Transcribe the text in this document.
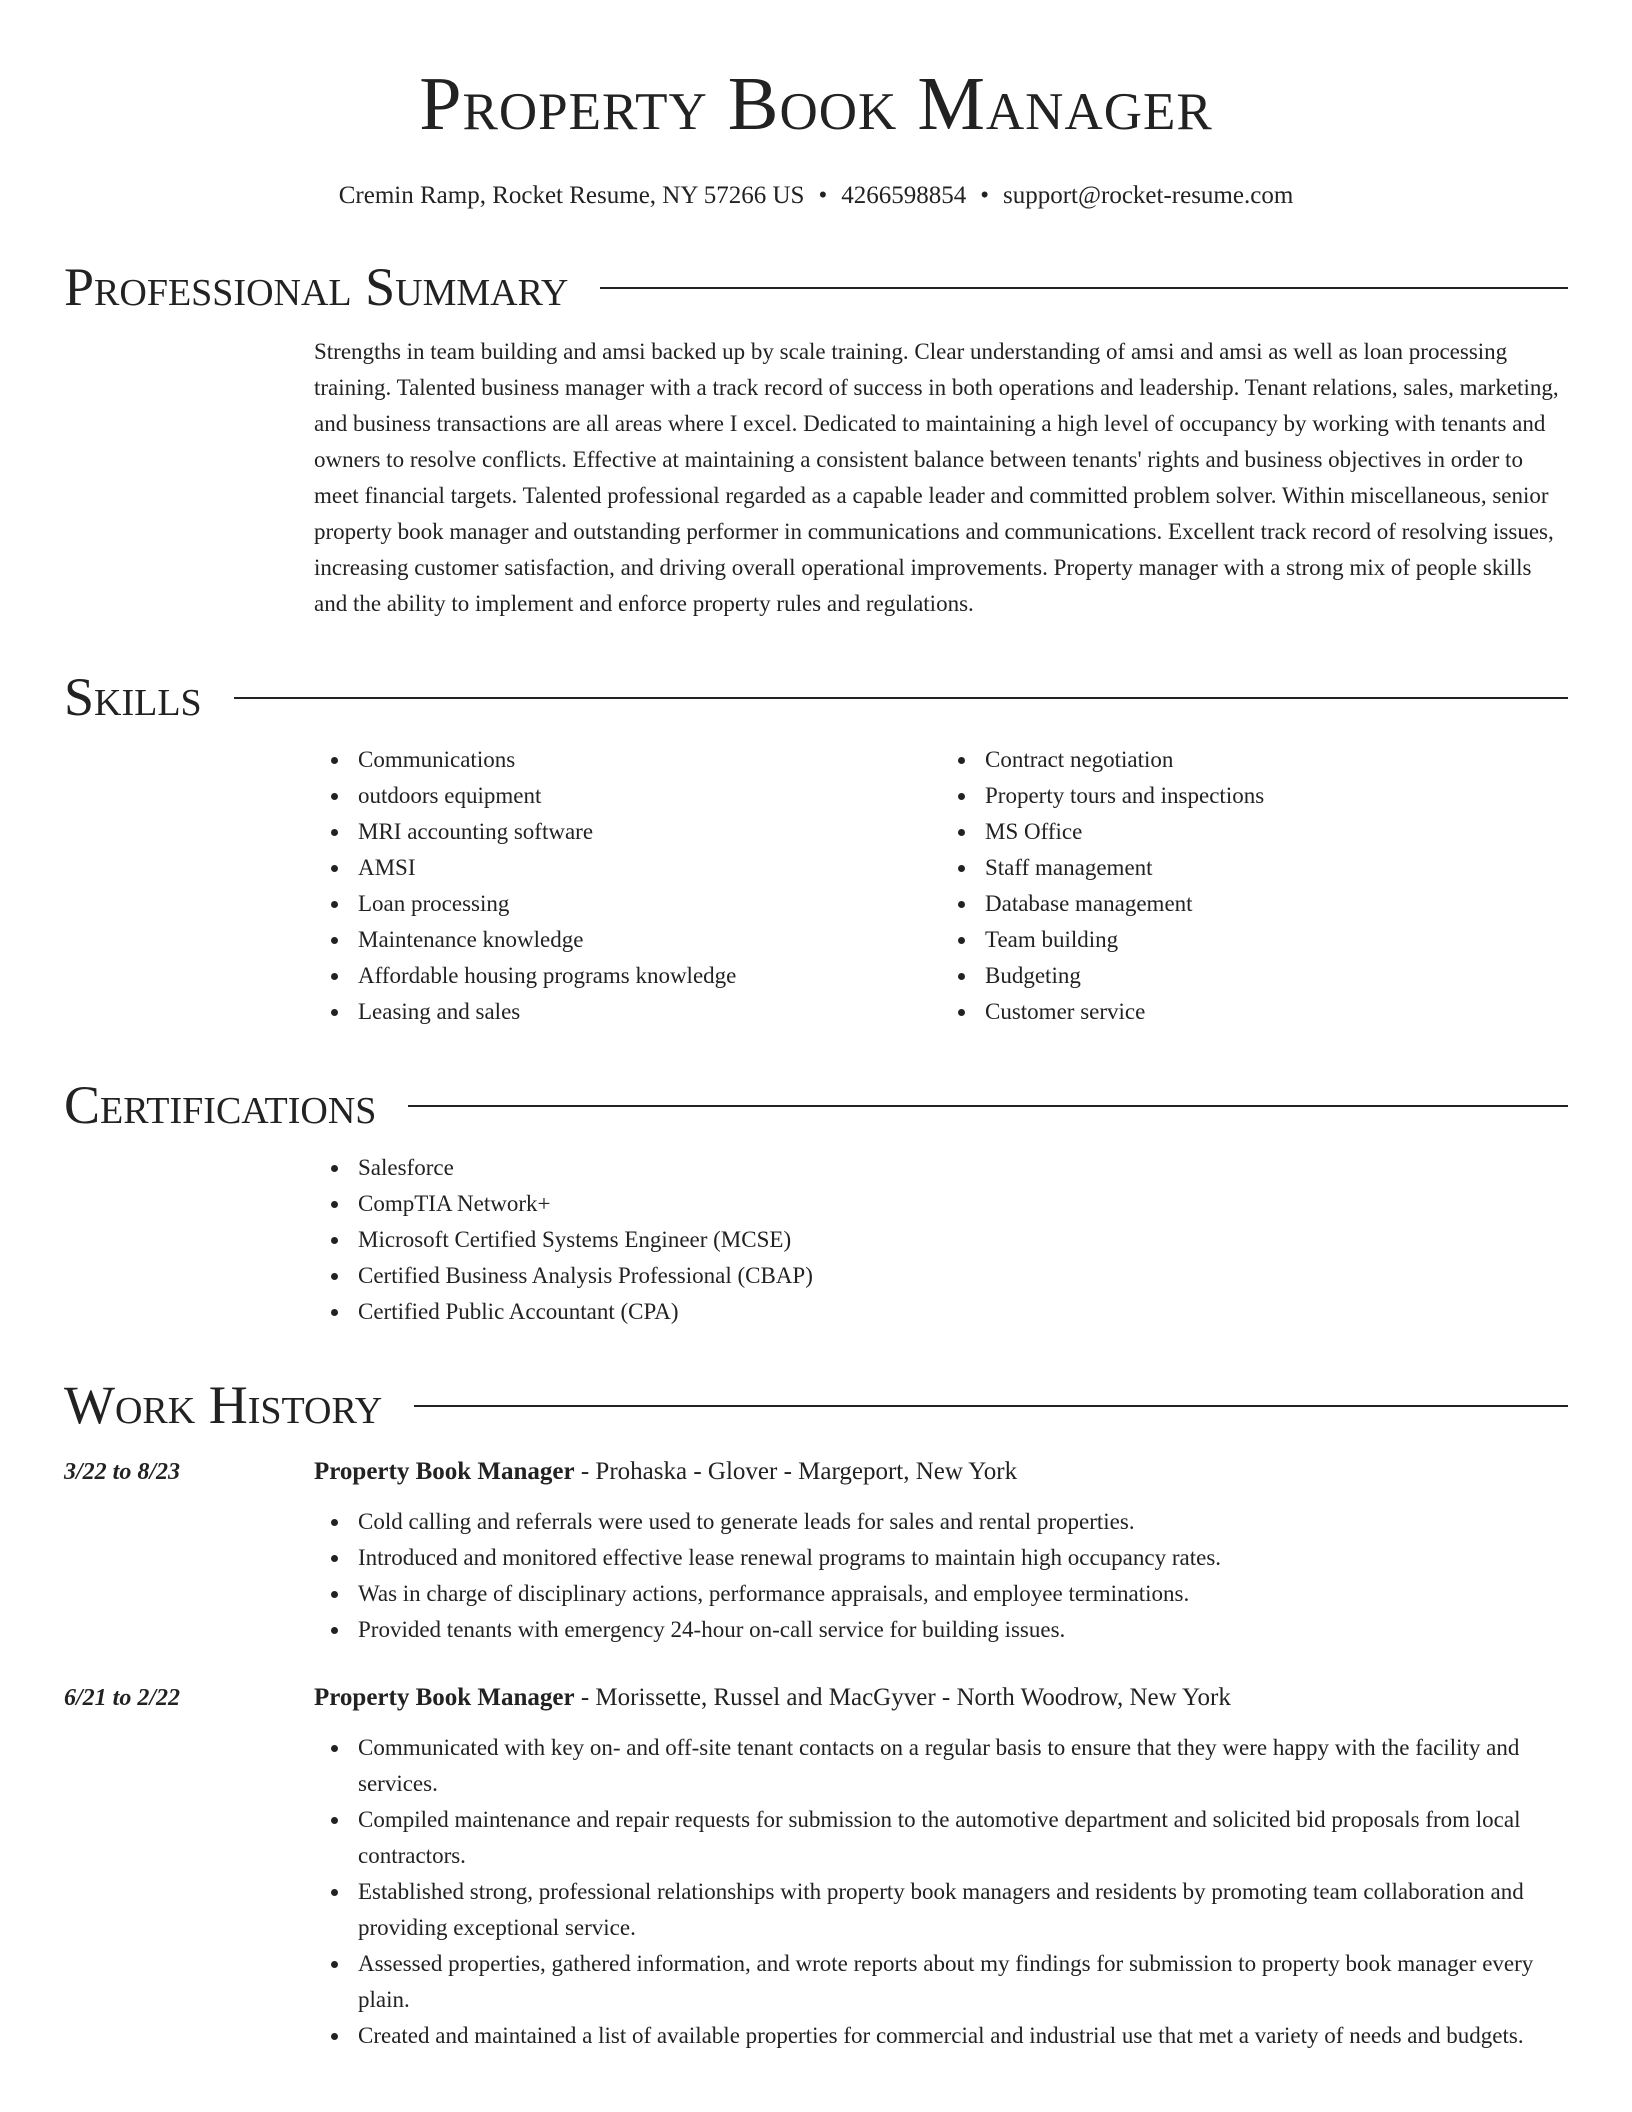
Property Book Manager
Cremin Ramp, Rocket Resume, NY 57266 US • 4266598854 • support@rocket-resume.com
Professional Summary
Strengths in team building and amsi backed up by scale training. Clear understanding of amsi and amsi as well as loan processing training. Talented business manager with a track record of success in both operations and leadership. Tenant relations, sales, marketing, and business transactions are all areas where I excel. Dedicated to maintaining a high level of occupancy by working with tenants and owners to resolve conflicts. Effective at maintaining a consistent balance between tenants' rights and business objectives in order to meet financial targets. Talented professional regarded as a capable leader and committed problem solver. Within miscellaneous, senior property book manager and outstanding performer in communications and communications. Excellent track record of resolving issues, increasing customer satisfaction, and driving overall operational improvements. Property manager with a strong mix of people skills and the ability to implement and enforce property rules and regulations.
Skills
Communications
outdoors equipment
MRI accounting software
AMSI
Loan processing
Maintenance knowledge
Affordable housing programs knowledge
Leasing and sales
Contract negotiation
Property tours and inspections
MS Office
Staff management
Database management
Team building
Budgeting
Customer service
Certifications
Salesforce
CompTIA Network+
Microsoft Certified Systems Engineer (MCSE)
Certified Business Analysis Professional (CBAP)
Certified Public Accountant (CPA)
Work History
3/22 to 8/23	Property Book Manager - Prohaska - Glover - Margeport, New York
Cold calling and referrals were used to generate leads for sales and rental properties.
Introduced and monitored effective lease renewal programs to maintain high occupancy rates.
Was in charge of disciplinary actions, performance appraisals, and employee terminations.
Provided tenants with emergency 24-hour on-call service for building issues.
6/21 to 2/22	Property Book Manager - Morissette, Russel and MacGyver - North Woodrow, New York
Communicated with key on- and off-site tenant contacts on a regular basis to ensure that they were happy with the facility and services.
Compiled maintenance and repair requests for submission to the automotive department and solicited bid proposals from local contractors.
Established strong, professional relationships with property book managers and residents by promoting team collaboration and providing exceptional service.
Assessed properties, gathered information, and wrote reports about my findings for submission to property book manager every plain.
Created and maintained a list of available properties for commercial and industrial use that met a variety of needs and budgets.
